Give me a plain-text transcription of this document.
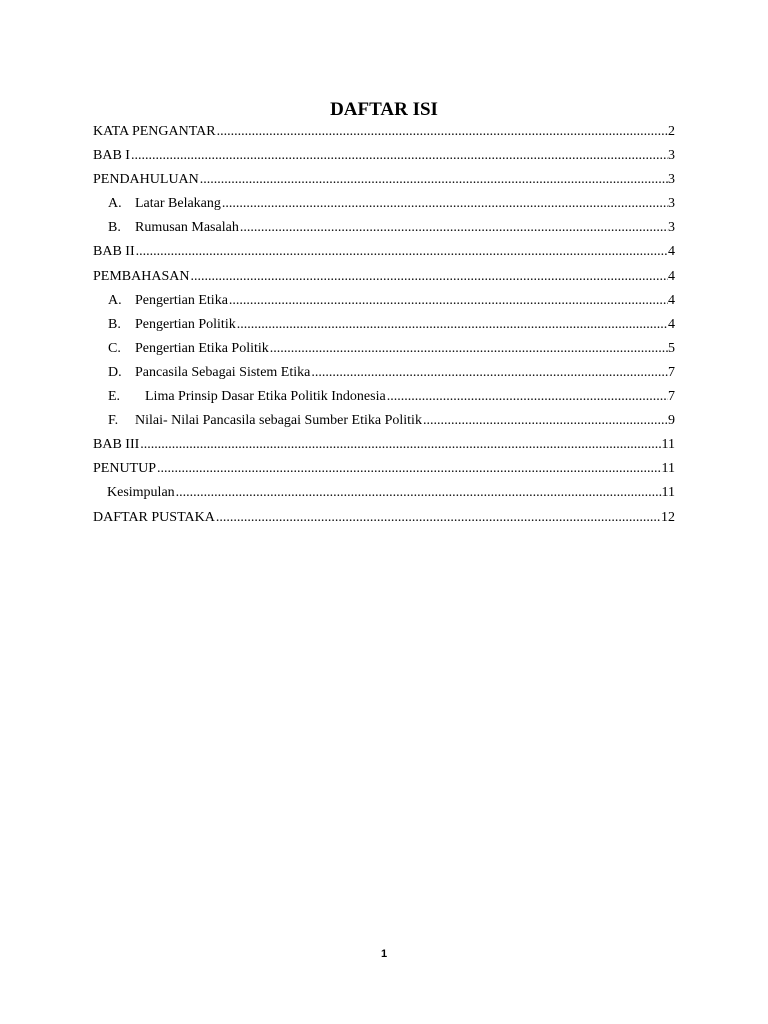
DAFTAR ISI
KATA PENGANTAR .....	2
BAB I .....	3
PENDAHULUAN .....	3
A. Latar Belakang .....	3
B.	Rumusan Masalah .....	3
BAB II .....	4
PEMBAHASAN .....	4
A. Pengertian Etika .....	4
B.	Pengertian Politik .....	4
C.	Pengertian Etika Politik .....	5
D. Pancasila Sebagai Sistem Etika .....	7
E.	Lima Prinsip Dasar Etika Politik Indonesia .....	7
F.	Nilai- Nilai Pancasila sebagai Sumber Etika Politik .....	9
BAB III .....	11
PENUTUP .....	11
Kesimpulan .....	11
DAFTAR PUSTAKA .....	12
1
